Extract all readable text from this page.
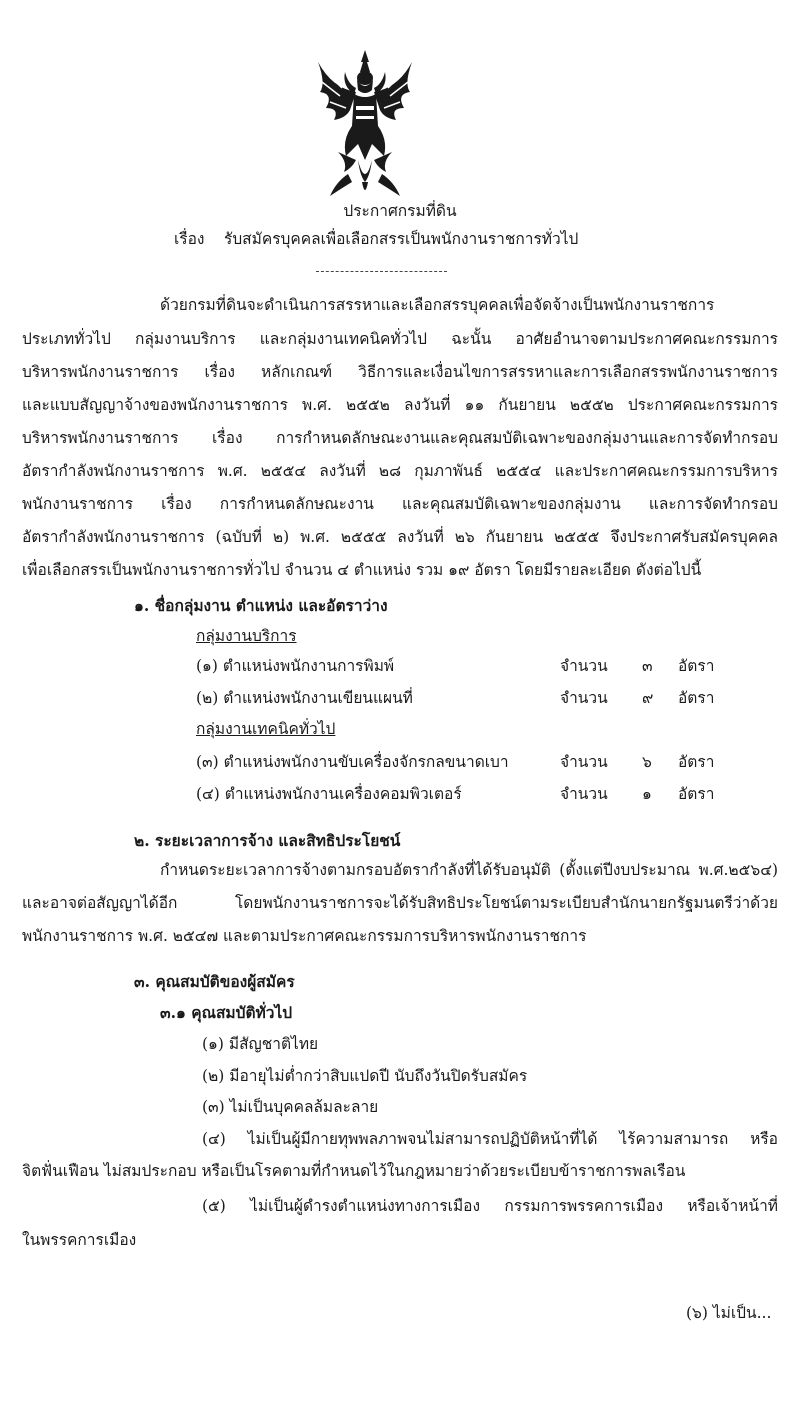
ประกาศกรมที่ดิน
เรื่อง รับสมัครบุคคลเพื่อเลือกสรรเป็นพนักงานราชการทั่วไป
ด้วยกรมที่ดินจะดำเนินการสรรหาและเลือกสรรบุคคลเพื่อจัดจ้างเป็นพนักงานราชการ
ประเภททั่วไป กลุ่มงานบริการ และกลุ่มงานเทคนิคทั่วไป ฉะนั้น อาศัยอำนาจตามประกาศคณะกรรมการ
บริหารพนักงานราชการ เรื่อง หลักเกณฑ์ วิธีการและเงื่อนไขการสรรหาและการเลือกสรรพนักงานราชการ
และแบบสัญญาจ้างของพนักงานราชการ พ.ศ. ๒๕๕๒ ลงวันที่ ๑๑ กันยายน ๒๕๕๒ ประกาศคณะกรรมการ
บริหารพนักงานราชการ เรื่อง การกำหนดลักษณะงานและคุณสมบัติเฉพาะของกลุ่มงานและการจัดทำกรอบ
อัตรากำลังพนักงานราชการ พ.ศ. ๒๕๕๔ ลงวันที่ ๒๘ กุมภาพันธ์ ๒๕๕๔ และประกาศคณะกรรมการบริหาร
พนักงานราชการ เรื่อง การกำหนดลักษณะงาน และคุณสมบัติเฉพาะของกลุ่มงาน และการจัดทำกรอบ
อัตรากำลังพนักงานราชการ (ฉบับที่ ๒) พ.ศ. ๒๕๕๕ ลงวันที่ ๒๖ กันยายน ๒๕๕๕ จึงประกาศรับสมัครบุคคล
เพื่อเลือกสรรเป็นพนักงานราชการทั่วไป จำนวน ๔ ตำแหน่ง รวม ๑๙ อัตรา โดยมีรายละเอียด ดังต่อไปนี้
๑. ชื่อกลุ่มงาน ตำแหน่ง และอัตราว่าง
กลุ่มงานบริการ
(๑) ตำแหน่งพนักงานการพิมพ์	จำนวน ๓ อัตรา
(๒) ตำแหน่งพนักงานเขียนแผนที่	จำนวน ๙ อัตรา
กลุ่มงานเทคนิคทั่วไป
(๓) ตำแหน่งพนักงานขับเครื่องจักรกลขนาดเบา	จำนวน ๖ อัตรา
(๔) ตำแหน่งพนักงานเครื่องคอมพิวเตอร์	จำนวน ๑ อัตรา
๒. ระยะเวลาการจ้าง และสิทธิประโยชน์
กำหนดระยะเวลาการจ้างตามกรอบอัตรากำลังที่ได้รับอนุมัติ (ตั้งแต่ปีงบประมาณ พ.ศ.๒๕๖๔)
และอาจต่อสัญญาได้อีก โดยพนักงานราชการจะได้รับสิทธิประโยชน์ตามระเบียบสำนักนายกรัฐมนตรีว่าด้วย
พนักงานราชการ พ.ศ. ๒๕๔๗ และตามประกาศคณะกรรมการบริหารพนักงานราชการ
๓. คุณสมบัติของผู้สมัคร
๓.๑ คุณสมบัติทั่วไป
(๑) มีสัญชาติไทย
(๒) มีอายุไม่ต่ำกว่าสิบแปดปี นับถึงวันปิดรับสมัคร
(๓) ไม่เป็นบุคคลล้มละลาย
(๔) ไม่เป็นผู้มีกายทุพพลภาพจนไม่สามารถปฏิบัติหน้าที่ได้ ไร้ความสามารถ หรือ
จิตฟั่นเฟือน ไม่สมประกอบ หรือเป็นโรคตามที่กำหนดไว้ในกฎหมายว่าด้วยระเบียบข้าราชการพลเรือน
(๕) ไม่เป็นผู้ดำรงตำแหน่งทางการเมือง กรรมการพรรคการเมือง หรือเจ้าหน้าที่
ในพรรคการเมือง
(๖) ไม่เป็น...
